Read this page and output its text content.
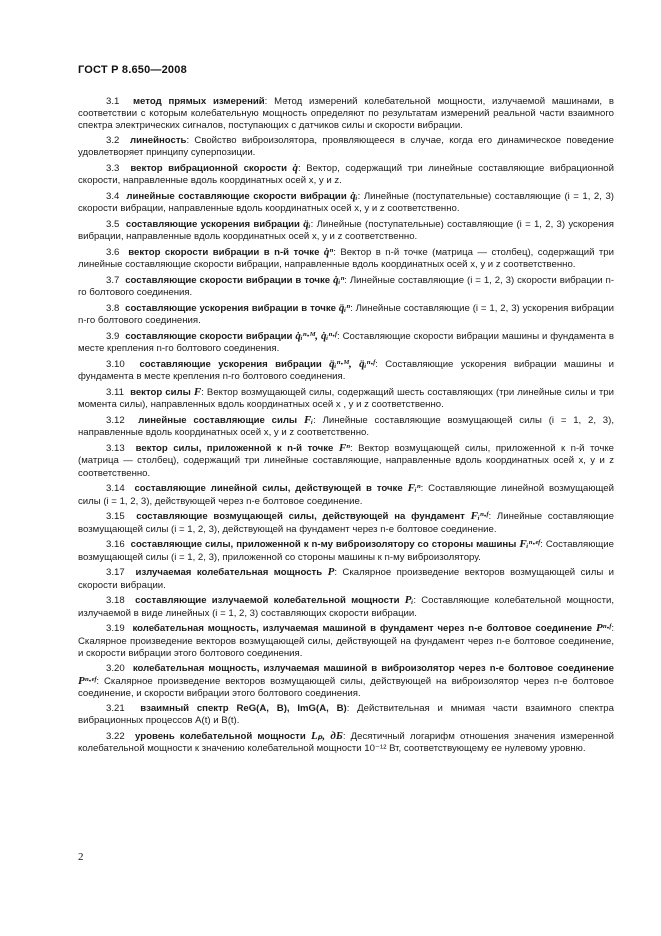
ГОСТ Р 8.650—2008

3.1 метод прямых измерений: Метод измерений колебательной мощности, излучаемой машинами, в соответствии с которым колебательную мощность определяют по результатам измерений реальной части взаимного спектра электрических сигналов, поступающих с датчиков силы и скорости вибрации.

3.2 линейность: Свойство виброизолятора, проявляющееся в случае, когда его динамическое поведение удовлетворяет принципу суперпозиции.

3.3 вектор вибрационной скорости q̇: Вектор, содержащий три линейные составляющие вибрационной скорости, направленные вдоль координатных осей x, y и z.

3.4 линейные составляющие скорости вибрации q̇ᵢ: Линейные (поступательные) составляющие (i = 1, 2, 3) скорости вибрации, направленные вдоль координатных осей x, y и z соответственно.

3.5 составляющие ускорения вибрации q̈ᵢ: Линейные (поступательные) составляющие (i = 1, 2, 3) ускорения вибрации, направленные вдоль координатных осей x, y и z соответственно.

3.6 вектор скорости вибрации в n-й точке q̇ⁿ: Вектор в n-й точке (матрица — столбец), содержащий три линейные составляющие скорости вибрации, направленные вдоль координатных осей x, y и z соответственно.

3.7 составляющие скорости вибрации в точке q̇ᵢⁿ: Линейные составляющие (i = 1, 2, 3) скорости вибрации n-го болтового соединения.

3.8 составляющие ускорения вибрации в точке q̈ᵢⁿ: Линейные составляющие (i = 1, 2, 3) ускорения вибрации n-го болтового соединения.

3.9 составляющие скорости вибрации q̇ᵢⁿ·ᴹ, q̇ᵢⁿ·ᶠ: Составляющие скорости вибрации машины и фундамента в месте крепления n-го болтового соединения.

3.10 составляющие ускорения вибрации q̈ᵢⁿ·ᴹ, q̈ᵢⁿ·ᶠ: Составляющие ускорения вибрации машины и фундамента в месте крепления n-го болтового соединения.

3.11 вектор силы F: Вектор возмущающей силы, содержащий шесть составляющих (три линейные силы и три момента силы), направленных вдоль координатных осей x , y и z соответственно.

3.12 линейные составляющие силы Fᵢ: Линейные составляющие возмущающей силы (i = 1, 2, 3), направленные вдоль координатных осей x, y и z соответственно.

3.13 вектор силы, приложенной к n-й точке Fⁿ: Вектор возмущающей силы, приложенной к n-й точке (матрица — столбец), содержащий три линейные составляющие, направленные вдоль координатных осей x, y и z соответственно.

3.14 составляющие линейной силы, действующей в точке Fᵢⁿ: Составляющие линейной возмущающей силы (i = 1, 2, 3), действующей через n-е болтовое соединение.

3.15 составляющие возмущающей силы, действующей на фундамент Fᵢⁿ·ᶠ: Линейные составляющие возмущающей силы (i = 1, 2, 3), действующей на фундамент через n-е болтовое соединение.

3.16 составляющие силы, приложенной к n-му виброизолятору со стороны машины Fᵢⁿ·ᵉᶠ: Составляющие возмущающей силы (i = 1, 2, 3), приложенной со стороны машины к n-му виброизолятору.

3.17 излучаемая колебательная мощность P: Скалярное произведение векторов возмущающей силы и скорости вибрации.

3.18 составляющие излучаемой колебательной мощности Pᵢ: Составляющие колебательной мощности, излучаемой в виде линейных (i = 1, 2, 3) составляющих скорости вибрации.

3.19 колебательная мощность, излучаемая машиной в фундамент через n-е болтовое соединение Pⁿ·ᶠ: Скалярное произведение векторов возмущающей силы, действующей на фундамент через n-е болтовое соединение, и скорости вибрации этого болтового соединения.

3.20 колебательная мощность, излучаемая машиной в виброизолятор через n-е болтовое соединение Pⁿ·ᵉᶠ: Скалярное произведение векторов возмущающей силы, действующей на виброизолятор через n-е болтовое соединение, и скорости вибрации этого болтового соединения.

3.21 взаимный спектр ReG(A, B), ImG(A, B): Действительная и мнимая части взаимного спектра вибрационных процессов A(t) и B(t).

3.22 уровень колебательной мощности Lₚ, дБ: Десятичный логарифм отношения значения измеренной колебательной мощности к значению колебательной мощности 10⁻¹² Вт, соответствующему ее нулевому уровню.

2
